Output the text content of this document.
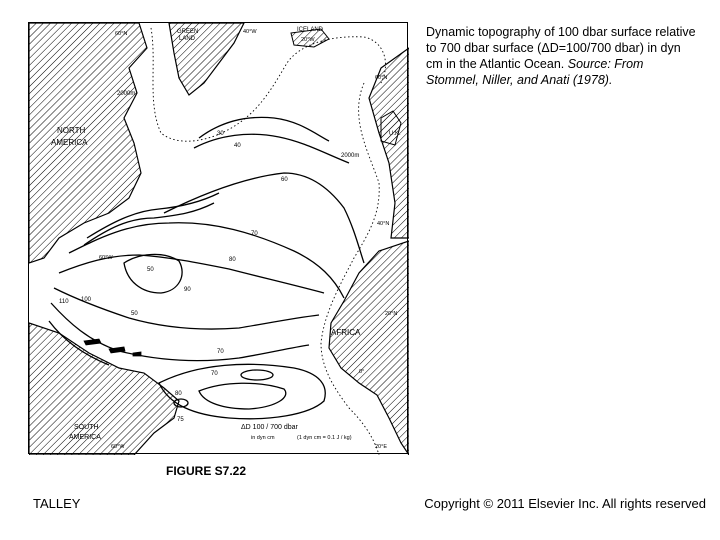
NORTH
AMERICA
AFRICA
SOUTH
AMERICA
GREEN
LAND
ICELAND
U.K.
2000m
2000m
30
40
60
70
80
90
100
110
70
70
75
80
50
50
60°N
60°N
40°N
20°N
60°W
40°W
20°W
0°
20°E
60°W
ΔD 100 / 700 dbar
in dyn cm	(1 dyn cm = 0.1 J / kg)
Dynamic topography of 100 dbar surface relative to 700 dbar surface (ΔD=100/700 dbar) in dyn cm in the Atlantic Ocean. Source: From Stommel, Niller, and Anati (1978).
FIGURE S7.22
TALLEY	Copyright © 2011 Elsevier Inc. All rights reserved
